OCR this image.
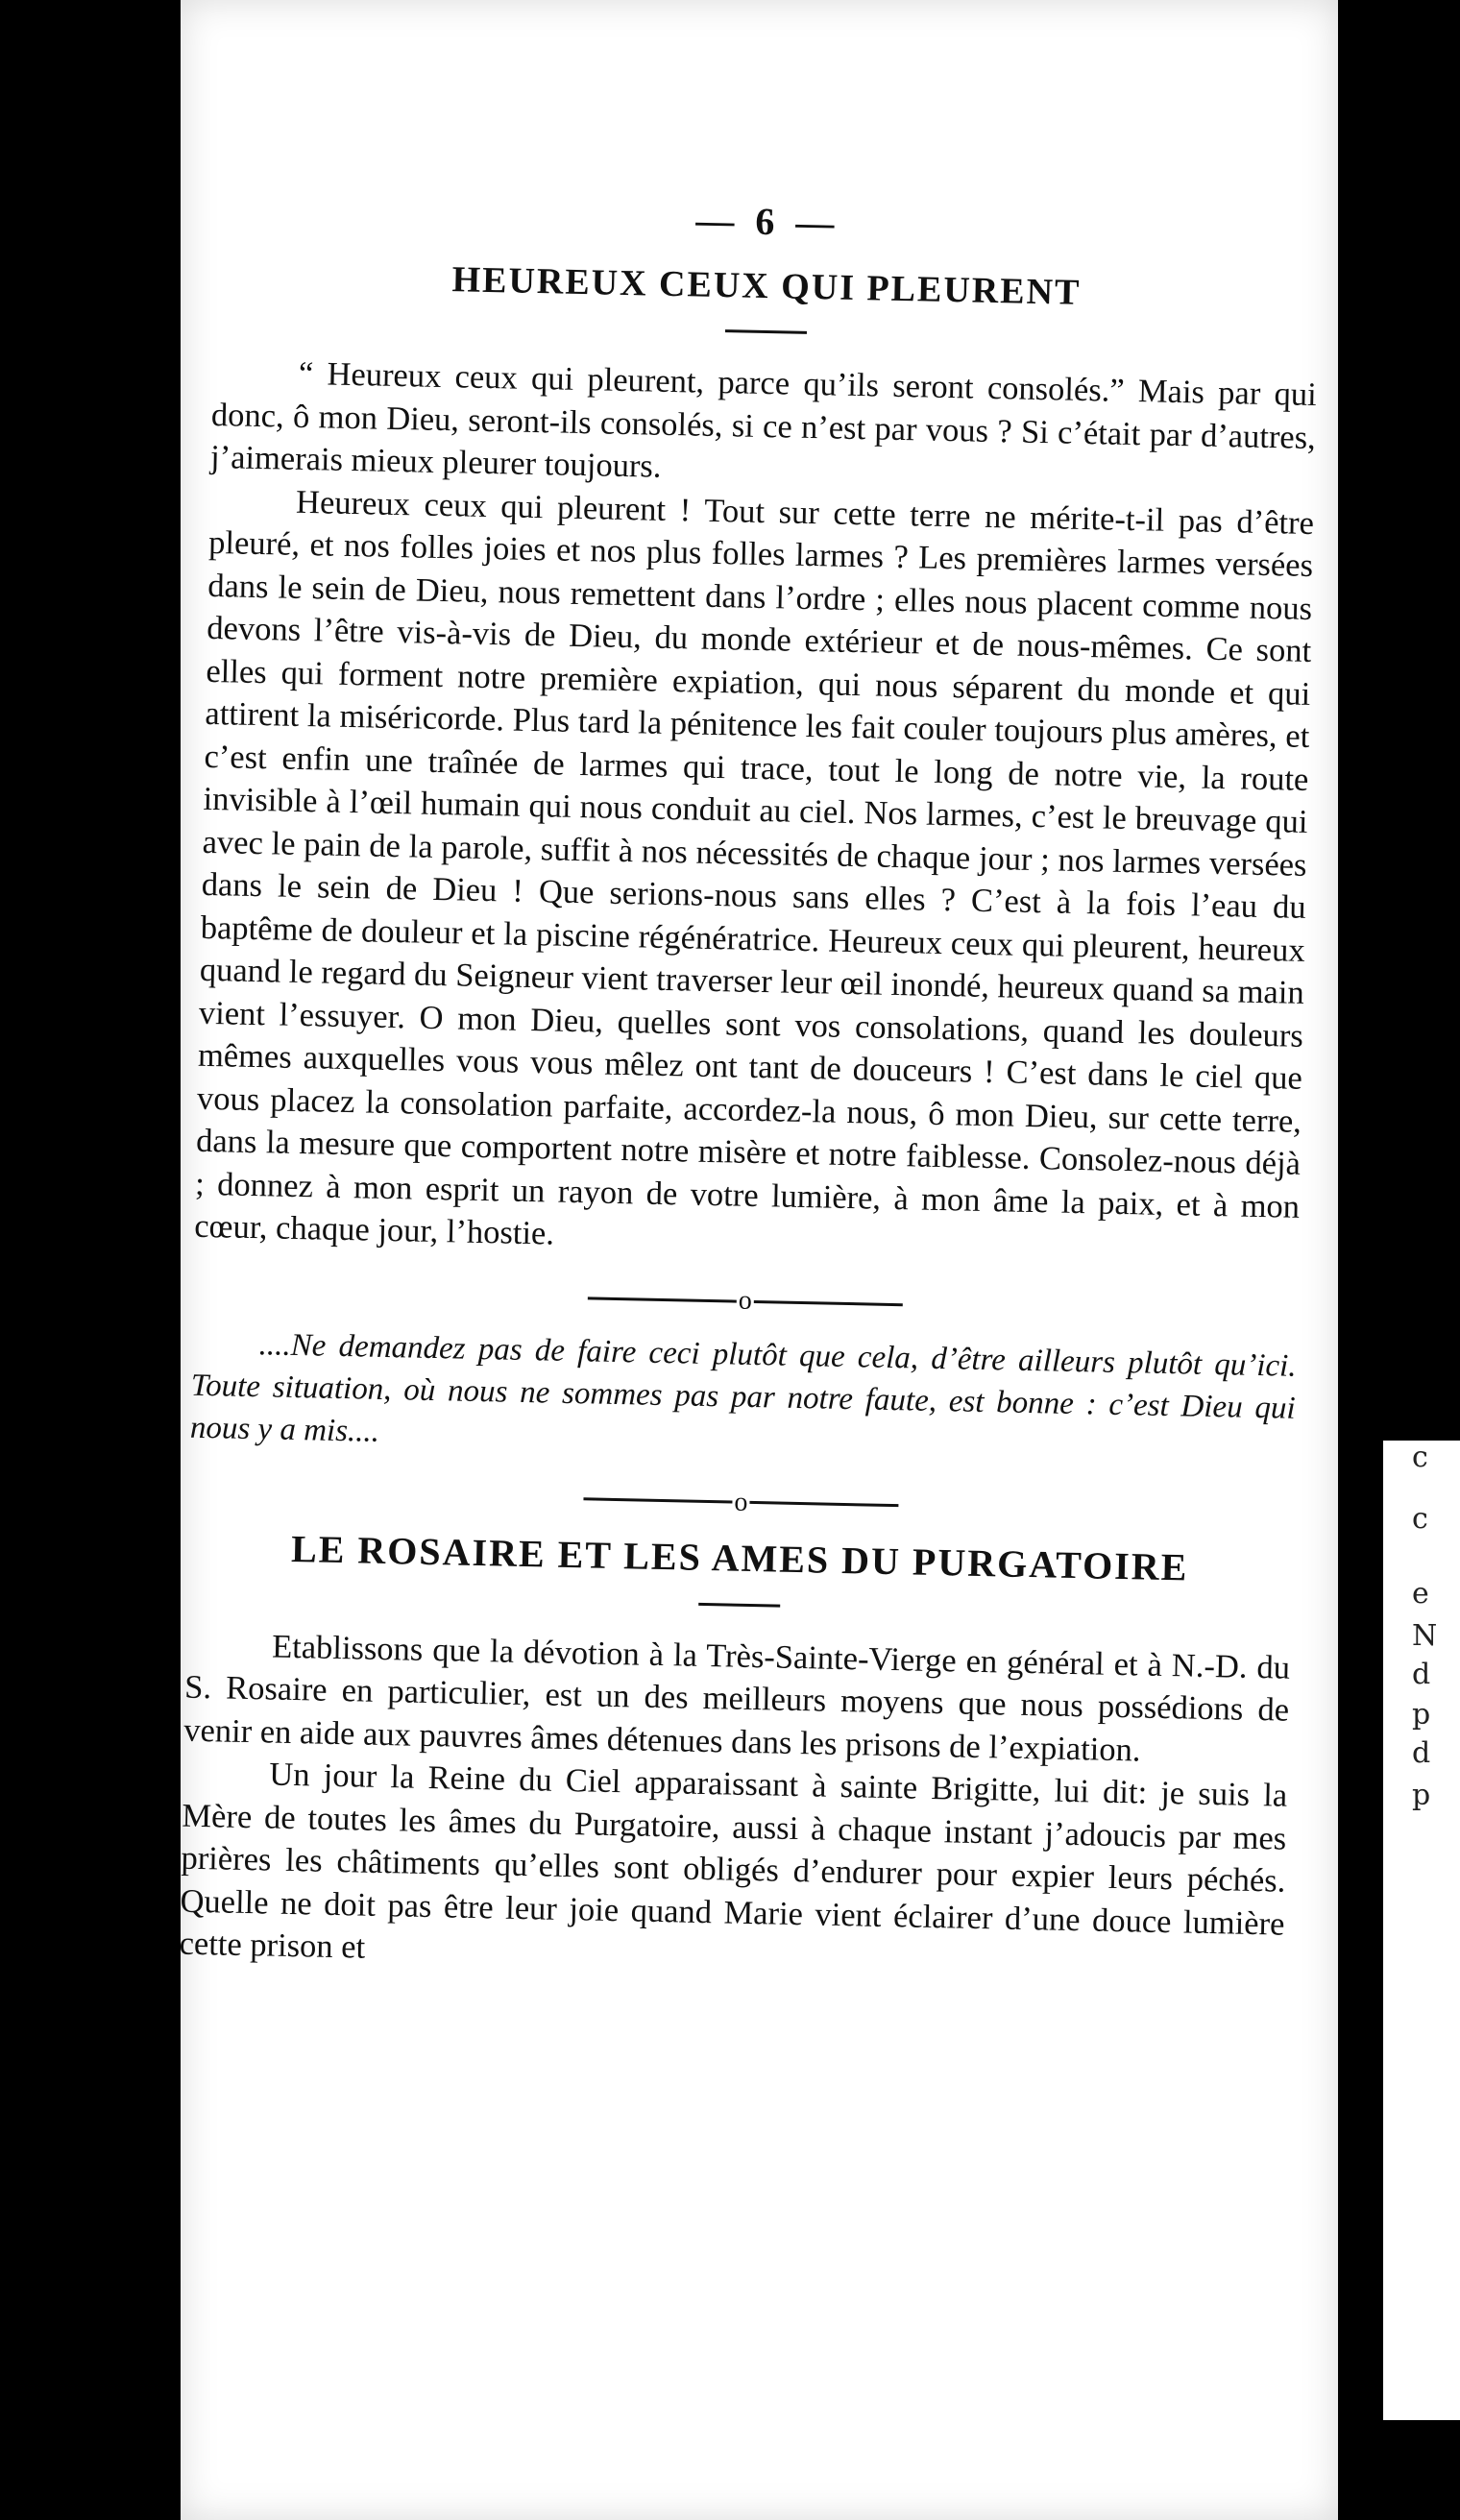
c
c
e
N
d
p
d
p

— 6 —

HEUREUX CEUX QUI PLEURENT

“ Heureux ceux qui pleurent, parce qu’ils seront consolés.” Mais par qui donc, ô mon Dieu, seront-ils consolés, si ce n’est par vous ? Si c’était par d’autres, j’aimerais mieux pleurer toujours.

Heureux ceux qui pleurent ! Tout sur cette terre ne mérite-t-il pas d’être pleuré, et nos folles joies et nos plus folles larmes ? Les premières larmes versées dans le sein de Dieu, nous remettent dans l’ordre ; elles nous placent comme nous devons l’être vis-à-vis de Dieu, du monde extérieur et de nous-mêmes. Ce sont elles qui forment notre première expiation, qui nous séparent du monde et qui attirent la miséricorde. Plus tard la pénitence les fait couler toujours plus amères, et c’est enfin une traînée de larmes qui trace, tout le long de notre vie, la route invisible à l’œil humain qui nous conduit au ciel. Nos larmes, c’est le breuvage qui avec le pain de la parole, suffit à nos nécessités de chaque jour ; nos larmes versées dans le sein de Dieu ! Que serions-nous sans elles ? C’est à la fois l’eau du baptême de douleur et la piscine régénératrice. Heureux ceux qui pleurent, heureux quand le regard du Seigneur vient traverser leur œil inondé, heureux quand sa main vient l’essuyer. O mon Dieu, quelles sont vos consolations, quand les douleurs mêmes auxquelles vous vous mêlez ont tant de douceurs ! C’est dans le ciel que vous placez la consolation parfaite, accordez-la nous, ô mon Dieu, sur cette terre, dans la mesure que comportent notre misère et notre faiblesse. Consolez-nous déjà ; donnez à mon esprit un rayon de votre lumière, à mon âme la paix, et à mon cœur, chaque jour, l’hostie.

o

....Ne demandez pas de faire ceci plutôt que cela, d’être ailleurs plutôt qu’ici. Toute situation, où nous ne sommes pas par notre faute, est bonne : c’est Dieu qui nous y a mis....

o
LE ROSAIRE ET LES AMES DU PURGATOIRE

Etablissons que la dévotion à la Très-Sainte-Vierge en général et à N.-D. du S. Rosaire en particulier, est un des meilleurs moyens que nous possédions de venir en aide aux pauvres âmes détenues dans les prisons de l’expiation.

Un jour la Reine du Ciel apparaissant à sainte Brigitte, lui dit: je suis la Mère de toutes les âmes du Purgatoire, aussi à chaque instant j’adoucis par mes prières les châtiments qu’elles sont obligés d’endurer pour expier leurs péchés. Quelle ne doit pas être leur joie quand Marie vient éclairer d’une douce lumière cette prison et
